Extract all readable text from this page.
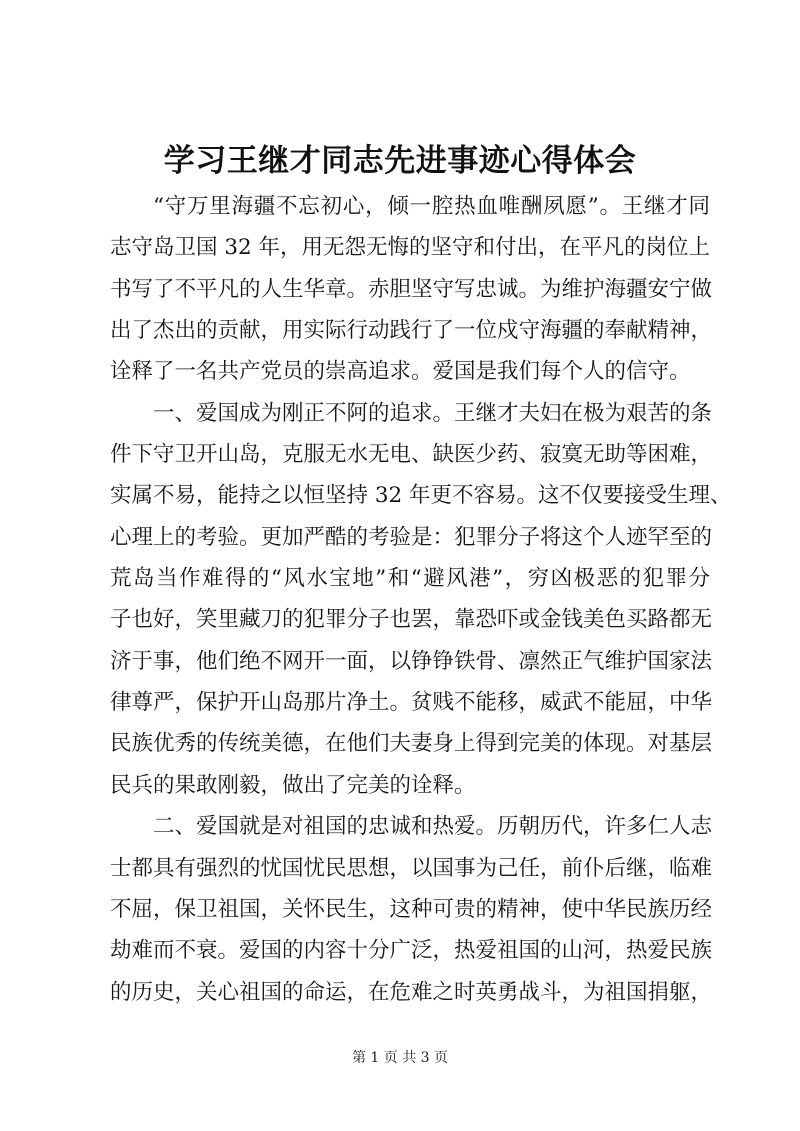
学习王继才同志先进事迹心得体会
“守万里海疆不忘初心，倾一腔热血唯酬夙愿”。王继才同
志守岛卫国 32 年，用无怨无悔的坚守和付出，在平凡的岗位上
书写了不平凡的人生华章。赤胆坚守写忠诚。为维护海疆安宁做
出了杰出的贡献，用实际行动践行了一位戍守海疆的奉献精神，
诠释了一名共产党员的崇高追求。爱国是我们每个人的信守。
一、爱国成为刚正不阿的追求。王继才夫妇在极为艰苦的条
件下守卫开山岛，克服无水无电、缺医少药、寂寞无助等困难，
实属不易，能持之以恒坚持 32 年更不容易。这不仅要接受生理、
心理上的考验。更加严酷的考验是：犯罪分子将这个人迹罕至的
荒岛当作难得的“风水宝地”和“避风港”，穷凶极恶的犯罪分
子也好，笑里藏刀的犯罪分子也罢，靠恐吓或金钱美色买路都无
济于事，他们绝不网开一面，以铮铮铁骨、凛然正气维护国家法
律尊严，保护开山岛那片净土。贫贱不能移，威武不能屈，中华
民族优秀的传统美德，在他们夫妻身上得到完美的体现。对基层
民兵的果敢刚毅，做出了完美的诠释。
二、爱国就是对祖国的忠诚和热爱。历朝历代，许多仁人志
士都具有强烈的忧国忧民思想，以国事为己任，前仆后继，临难
不屈，保卫祖国，关怀民生，这种可贵的精神，使中华民族历经
劫难而不衰。爱国的内容十分广泛，热爱祖国的山河，热爱民族
的历史，关心祖国的命运，在危难之时英勇战斗，为祖国捐躯，
第 1 页 共 3 页
